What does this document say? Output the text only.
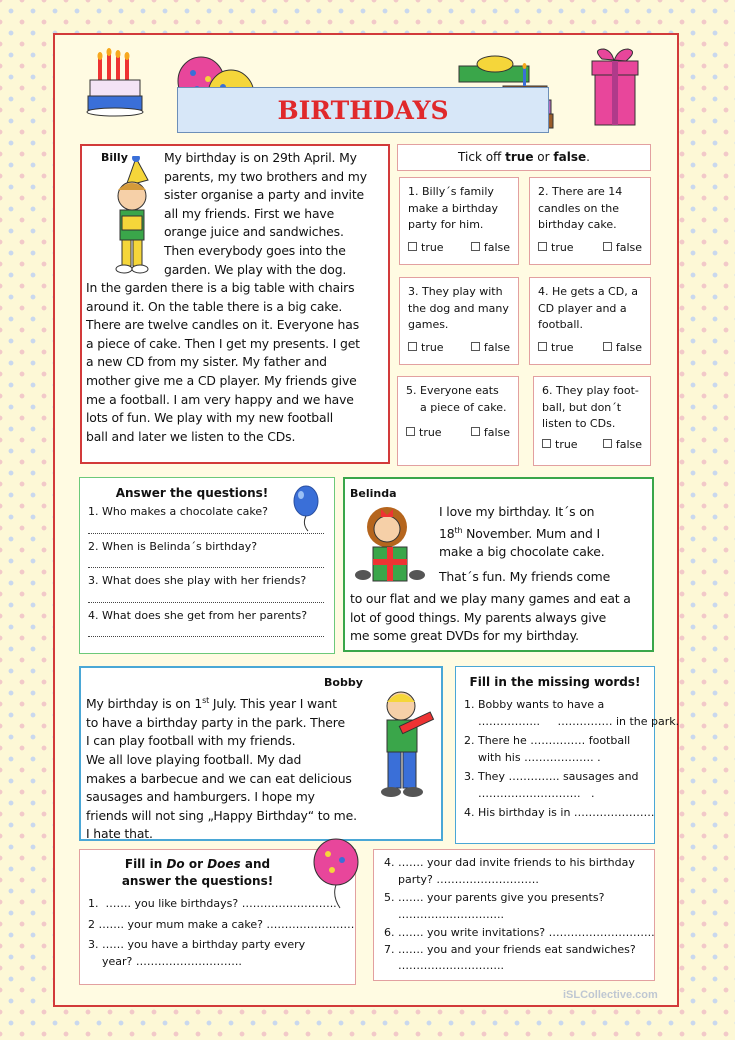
BIRTHDAYS
Billy	My birthday is on 29th April. My
parents, my two brothers and my
sister organise a party and invite
all my friends. First we have
orange juice and sandwiches.
Then everybody goes into the
garden. We play with the dog.
In the garden there is a big table with chairs
around it. On the table there is a big cake.
There are twelve candles on it. Everyone has
a piece of cake. Then I get my presents. I get
a new CD from my sister. My father and
mother give me a CD player. My friends give
me a football. I am very happy and we have
lots of fun. We play with my new football
ball and later we listen to the CDs.
Tick off true or false.
1. Billy´s family
make a birthday
party for him.
true	false
2. There are 14
candles on the
birthday cake.
true	false
3. They play with
the dog and many
games.
true	false
4. He gets a CD, a
CD player and a
football.
true	false
5. Everyone eats
a piece of cake.
true	false
6. They play foot-
ball, but don´t
listen to CDs.
true	false
Answer the questions!
1. Who makes a chocolate cake?
2. When is Belinda´s birthday?
3. What does she play with her friends?
4. What does she get from her parents?
Belinda
I love my birthday. It´s on
18th November. Mum and I
make a big chocolate cake.
That´s fun. My friends come
to our flat and we play many games and eat a
lot of good things. My parents always give
me some great DVDs for my birthday.
Bobby
My birthday is on 1st July. This year I want
to have a birthday party in the park. There
I can play football with my friends.
We all love playing football. My dad
makes a barbecue and we can eat delicious
sausages and hamburgers. I hope my
friends will not sing „Happy Birthday“ to me.
I hate that.
Fill in the missing words!
1. Bobby wants to have a
……………..     …………… in the park.
2. There he …………… football
with his ………………. .
3. They ………….. sausages and
……………………….   .
4. His birthday is in ………………….
Fill in Do or Does and
answer the questions!
1.  ……. you like birthdays? ……………………..
2 ……. your mum make a cake? ……………………
3. …… you have a birthday party every
year? ………………………..
4. ……. your dad invite friends to his birthday
party? ……………………….
5. ……. your parents give you presents?
………………………..
6. ……. you write invitations? ………………………..
7. ……. you and your friends eat sandwiches?
………………………..
iSLCollective.com
